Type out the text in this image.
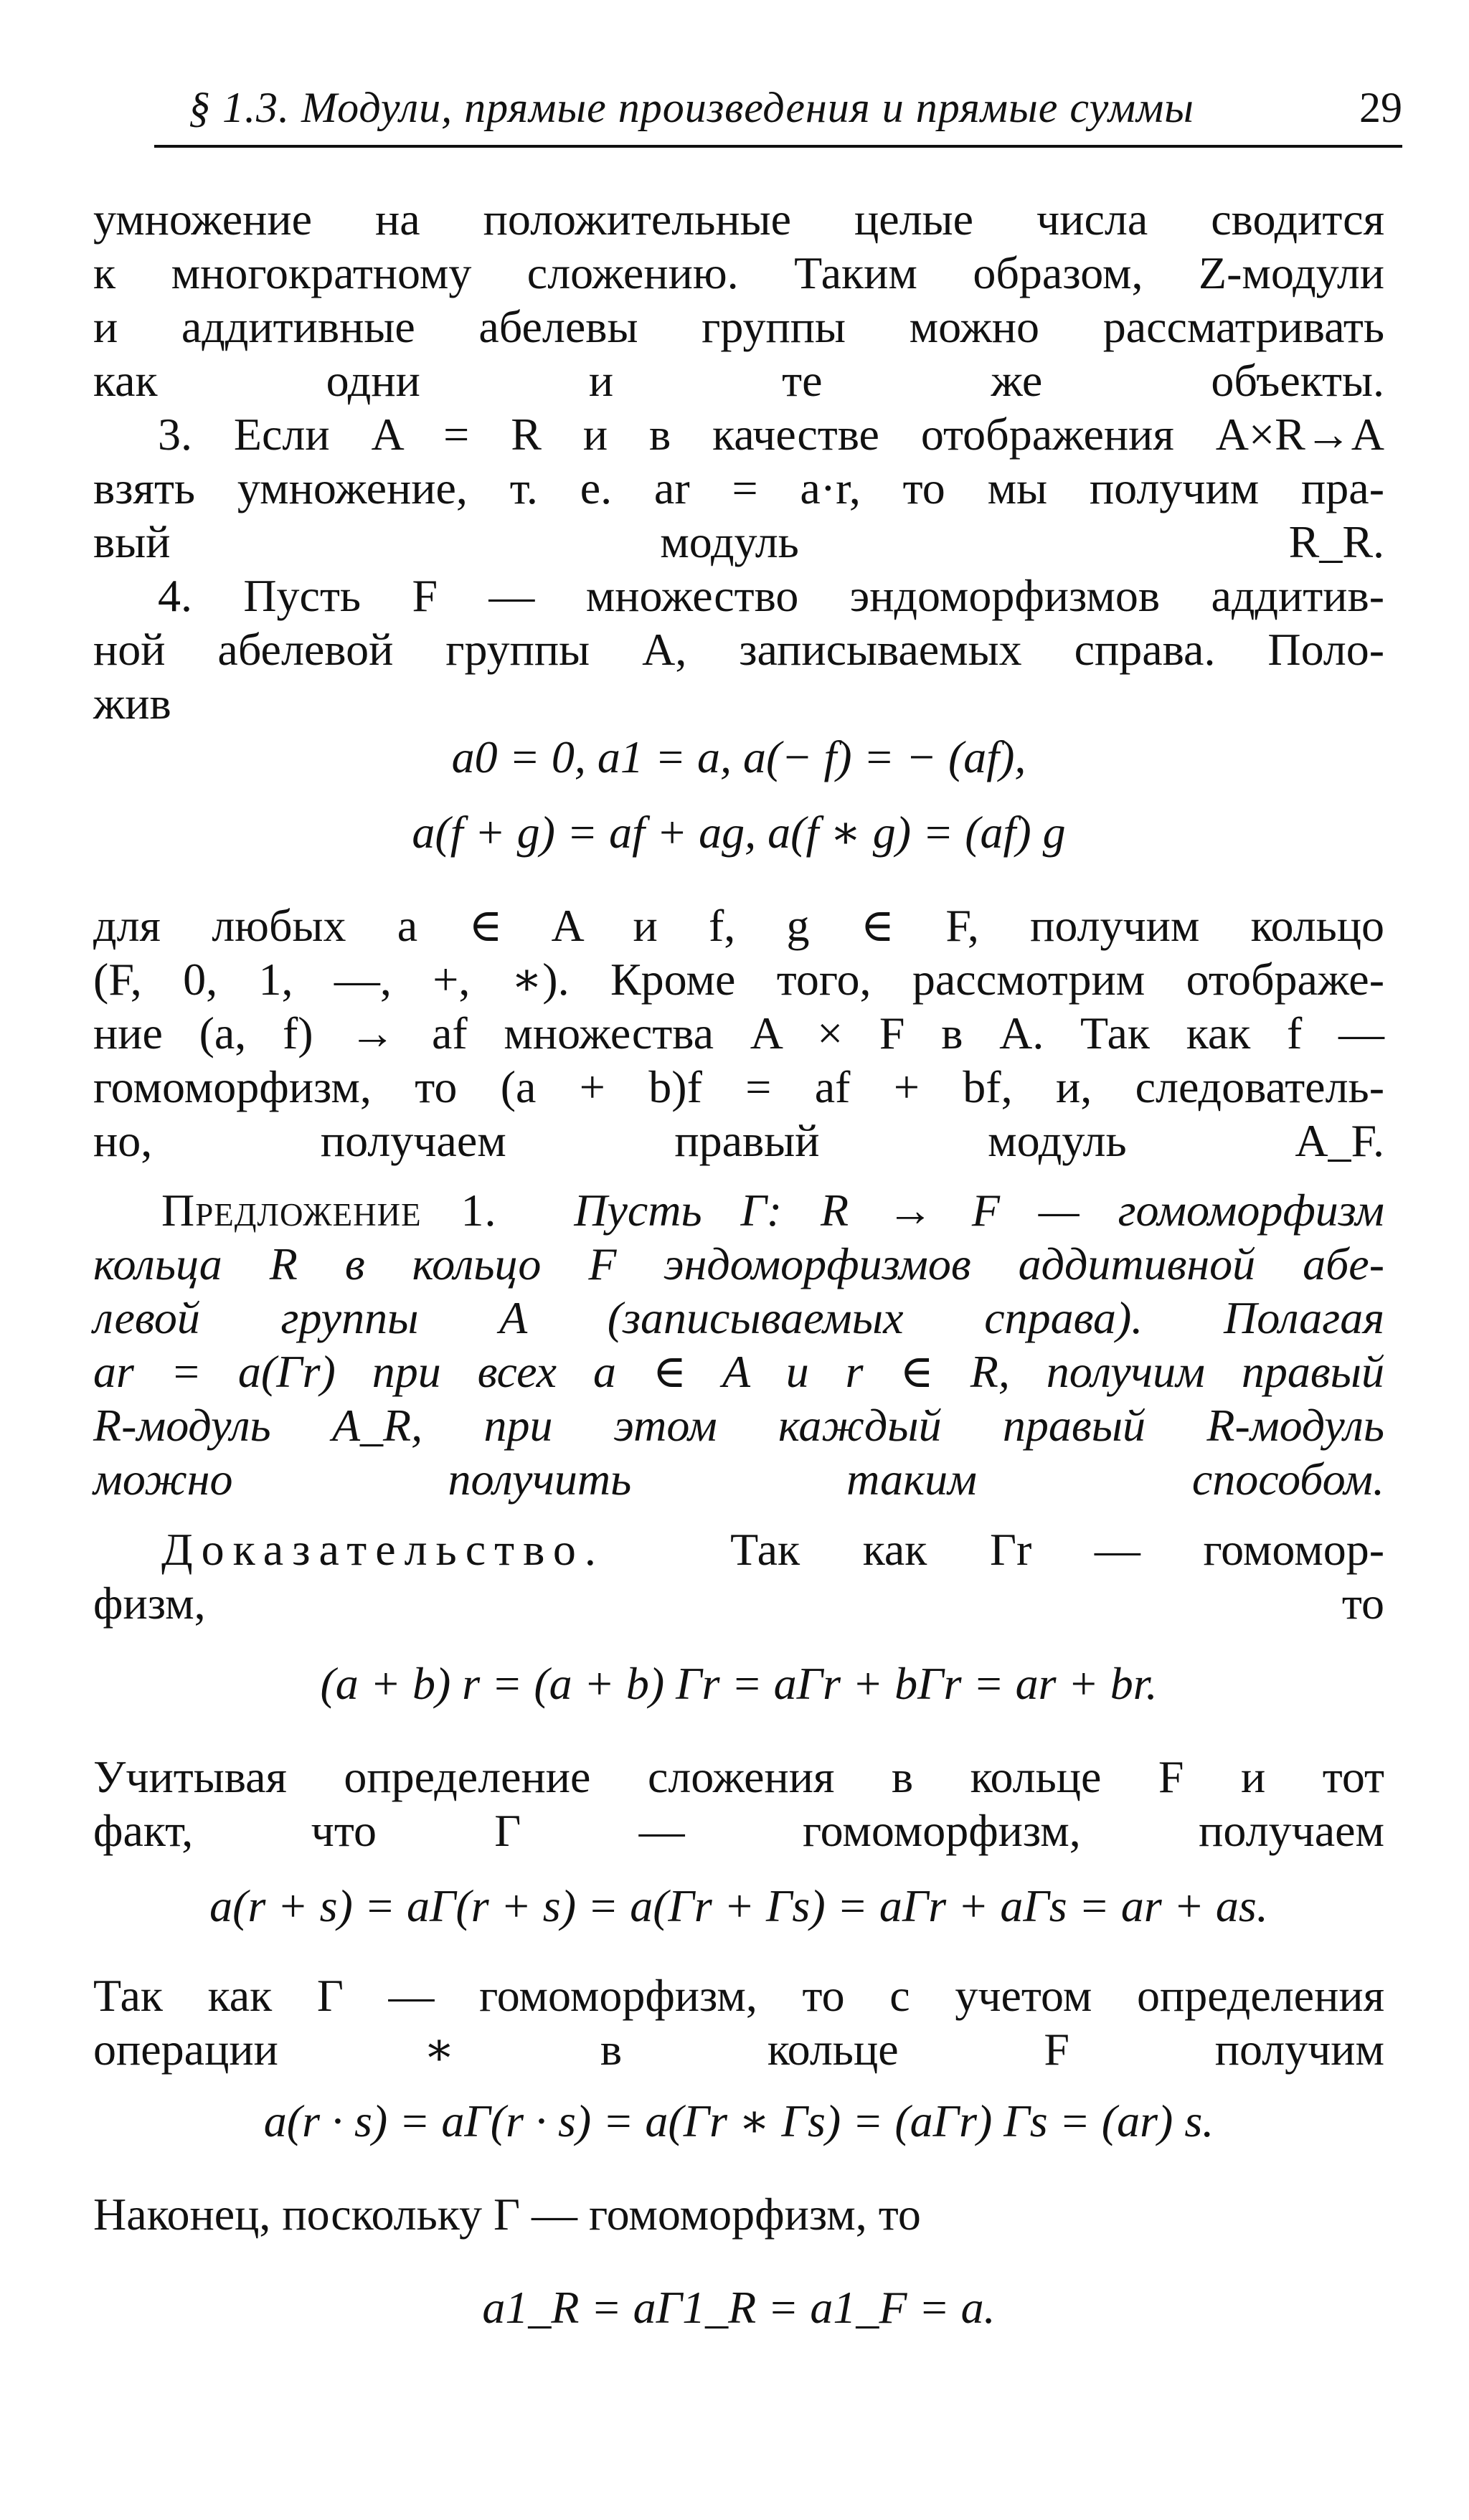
§ 1.3. Модули, прямые произведения и прямые суммы	29
умножение на положительные целые числа сводится
к многократному сложению. Таким образом, Z-модули
и аддитивные абелевы группы можно рассматривать
как одни и те же объекты.
3. Если A = R и в качестве отображения A×R→A
взять умножение, т. е. ar = a·r, то мы получим пра-
вый модуль R_R.
4. Пусть F — множество эндоморфизмов аддитив-
ной абелевой группы A, записываемых справа. Поло-
жив
a0 = 0, a1 = a, a(− f) = − (af),
a(f + g) = af + ag, a(f ∗ g) = (af) g
для любых a ∈ A и f, g ∈ F, получим кольцо
(F, 0, 1, —, +, ∗). Кроме того, рассмотрим отображе-
ние (a, f) → af множества A × F в A. Так как f —
гомоморфизм, то (a + b)f = af + bf, и, следователь-
но, получаем правый модуль A_F.
Предложение 1. Пусть Γ: R → F — гомоморфизм
кольца R в кольцо F эндоморфизмов аддитивной абе-
левой группы A (записываемых справа). Полагая
ar = a(Γr) при всех a ∈ A и r ∈ R, получим правый
R-модуль A_R, при этом каждый правый R-модуль
можно получить таким способом.
Доказательство.	Так как Γr — гомомор-
физм, то
(a + b) r = (a + b) Γr = aΓr + bΓr = ar + br.
Учитывая определение сложения в кольце F и тот
факт, что Γ — гомоморфизм, получаем
a(r + s) = aΓ(r + s) = a(Γr + Γs) = aΓr + aΓs = ar + as.
Так как Γ — гомоморфизм, то с учетом определения
операции ∗ в кольце F получим
a(r · s) = aΓ(r · s) = a(Γr ∗ Γs) = (aΓr) Γs = (ar) s.
Наконец, поскольку Γ — гомоморфизм, то
a1_R = aΓ1_R = a1_F = a.
